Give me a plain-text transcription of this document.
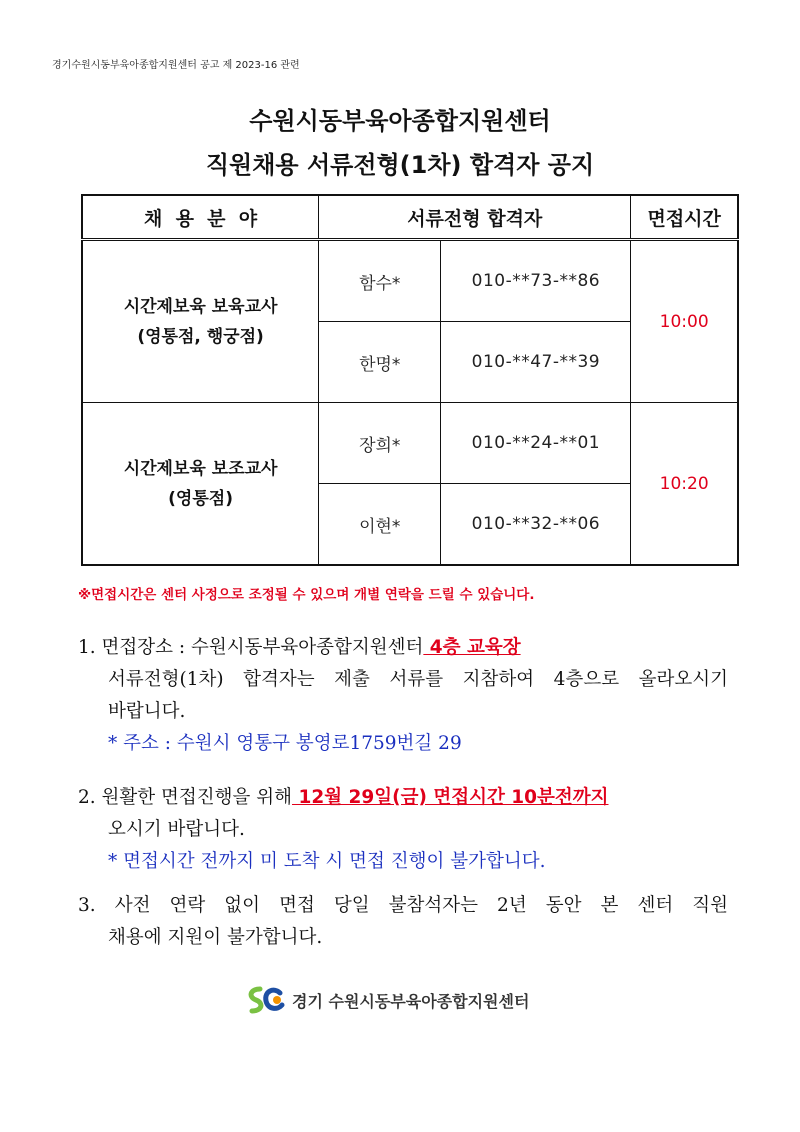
경기수원시동부육아종합지원센터 공고 제 2023-16 관련
수원시동부육아종합지원센터
직원채용 서류전형(1차) 합격자 공지
채  용  분  야	서류전형 합격자		면접시간

시간제보육 보육교사
(영통점, 행궁점)	함수*	010-**73-**86	10:00
	한명*	010-**47-**39	

시간제보육 보조교사
(영통점)	장희*	010-**24-**01	10:20
	이현*	010-**32-**06	
※면접시간은 센터 사정으로 조정될 수 있으며 개별 연락을 드릴 수 있습니다.
1. 면접장소 : 수원시동부육아종합지원센터 4층 교육장
서류전형(1차) 합격자는 제출 서류를 지참하여 4층으로 올라오시기
바랍니다.
* 주소 : 수원시 영통구 봉영로1759번길 29
2. 원활한 면접진행을 위해 12월 29일(금) 면접시간 10분전까지
오시기 바랍니다.
* 면접시간 전까지 미 도착 시 면접 진행이 불가합니다.
3. 사전 연락 없이 면접 당일 불참석자는 2년 동안 본 센터 직원
채용에 지원이 불가합니다.
경기 수원시동부육아종합지원센터
